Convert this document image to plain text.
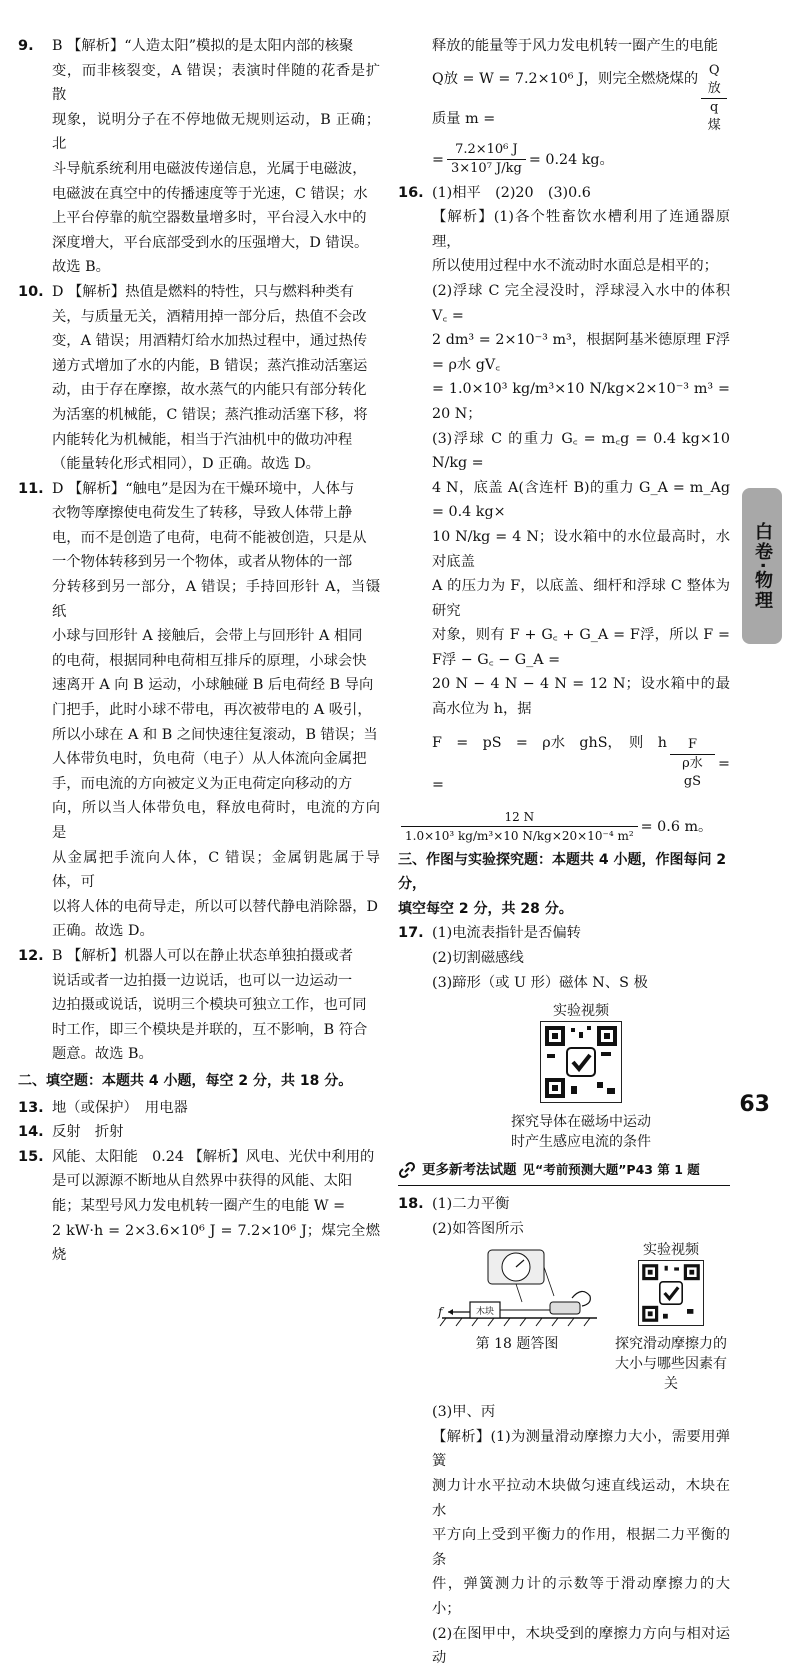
9. B 【解析】“人造太阳”模拟的是太阳内部的核聚

变，而非核裂变，A 错误；表演时伴随的花香是扩散

现象，说明分子在不停地做无规则运动，B 正确；北

斗导航系统利用电磁波传递信息，光属于电磁波，

电磁波在真空中的传播速度等于光速，C 错误；水

上平台停靠的航空器数量增多时，平台浸入水中的

深度增大，平台底部受到水的压强增大，D 错误。

故选 B。

10. D 【解析】热值是燃料的特性，只与燃料种类有

关，与质量无关，酒精用掉一部分后，热值不会改

变，A 错误；用酒精灯给水加热过程中，通过热传

递方式增加了水的内能，B 错误；蒸汽推动活塞运

动，由于存在摩擦，故水蒸气的内能只有部分转化

为活塞的机械能，C 错误；蒸汽推动活塞下移，将

内能转化为机械能，相当于汽油机中的做功冲程

（能量转化形式相同），D 正确。故选 D。

11. D 【解析】“触电”是因为在干燥环境中，人体与

衣物等摩擦使电荷发生了转移，导致人体带上静

电，而不是创造了电荷，电荷不能被创造，只是从

一个物体转移到另一个物体，或者从物体的一部

分转移到另一部分，A 错误；手持回形针 A，当镊纸

小球与回形针 A 接触后，会带上与回形针 A 相同

的电荷，根据同种电荷相互排斥的原理，小球会快

速离开 A 向 B 运动，小球触碰 B 后电荷经 B 导向

门把手，此时小球不带电，再次被带电的 A 吸引，

所以小球在 A 和 B 之间快速往复滚动，B 错误；当

人体带负电时，负电荷（电子）从人体流向金属把

手，而电流的方向被定义为正电荷定向移动的方

向，所以当人体带负电，释放电荷时，电流的方向是

从金属把手流向人体，C 错误；金属钥匙属于导体，可

以将人体的电荷导走，所以可以替代静电消除器，D

正确。故选 D。

12. B 【解析】机器人可以在静止状态单独拍摄或者

说话或者一边拍摄一边说话，也可以一边运动一

边拍摄或说话，说明三个模块可独立工作，也可同

时工作，即三个模块是并联的，互不影响，B 符合

题意。故选 B。

二、填空题：本题共 4 小题，每空 2 分，共 18 分。

13. 地（或保护）　用电器

14. 反射　折射

15. 风能、太阳能　0.24 【解析】风电、光伏中利用的

是可以源源不断地从自然界中获得的风能、太阳

能；某型号风力发电机转一圈产生的电能 W =

2 kW·h = 2×3.6×10⁶ J = 7.2×10⁶ J；煤完全燃烧

释放的能量等于风力发电机转一圈产生的电能

Q放 = W = 7.2×10⁶ J，则完全燃烧煤的质量 m =	$\frac{\text{Q放}}{\text{q煤}}$

= $\frac{\text{7.2×10⁶ J}}{\text{3×10⁷ J/kg}} = 0.24$ kg。

16. (1)相平　(2)20　(3)0.6

【解析】(1)各个牲畜饮水槽利用了连通器原理，

所以使用过程中水不流动时水面总是相平的；

(2)浮球 C 完全浸没时，浮球浸入水中的体积 V꜀ =

2 dm³ = 2×10⁻³ m³，根据阿基米德原理 F浮 = ρ水 gV꜀

= 1.0×10³ kg/m³×10 N/kg×2×10⁻³ m³ = 20 N；

(3)浮球 C 的重力 G꜀ = m꜀g = 0.4 kg×10 N/kg =

4 N，底盖 A(含连杆 B)的重力 G_A = m_Ag = 0.4 kg×

10 N/kg = 4 N；设水箱中的水位最高时，水对底盖

A 的压力为 F，以底盖、细杆和浮球 C 整体为研究

对象，则有 F + G꜀ + G_A = F浮，所以 F = F浮 − G꜀ − G_A =

20 N − 4 N − 4 N = 12 N；设水箱中的最高水位为 h，据

F　=　pS　=　ρ水　ghS，　则　h　=	$\frac{F}{\text{ρ水 gS}}$ =

$\frac{12 N}{\text{1.0×10³ kg/m³×10 N/kg×20×10⁻⁴ m²}} = 0.6$ m。

三、作图与实验探究题：本题共 4 小题，作图每问 2 分，

填空每空 2 分，共 28 分。

17. (1)电流表指针是否偏转

(2)切割磁感线

(3)蹄形（或 U 形）磁体 N、S 极

实验视频
探究导体在磁场中运动
时产生感应电流的条件
更多新考法试题 见“考前预测大题”P43 第 1 题
18. (1)二力平衡

(2)如答图所示

木块
f
第 18 题答图
实验视频
探究滑动摩擦力的
大小与哪些因素有关

(3)甲、丙

【解析】(1)为测量滑动摩擦力大小，需要用弹簧

测力计水平拉动木块做匀速直线运动，木块在水

平方向上受到平衡力的作用，根据二力平衡的条

件，弹簧测力计的示数等于滑动摩擦力的大小；

(2)在图甲中，木块受到的摩擦力方向与相对运动

白卷·物理
63
